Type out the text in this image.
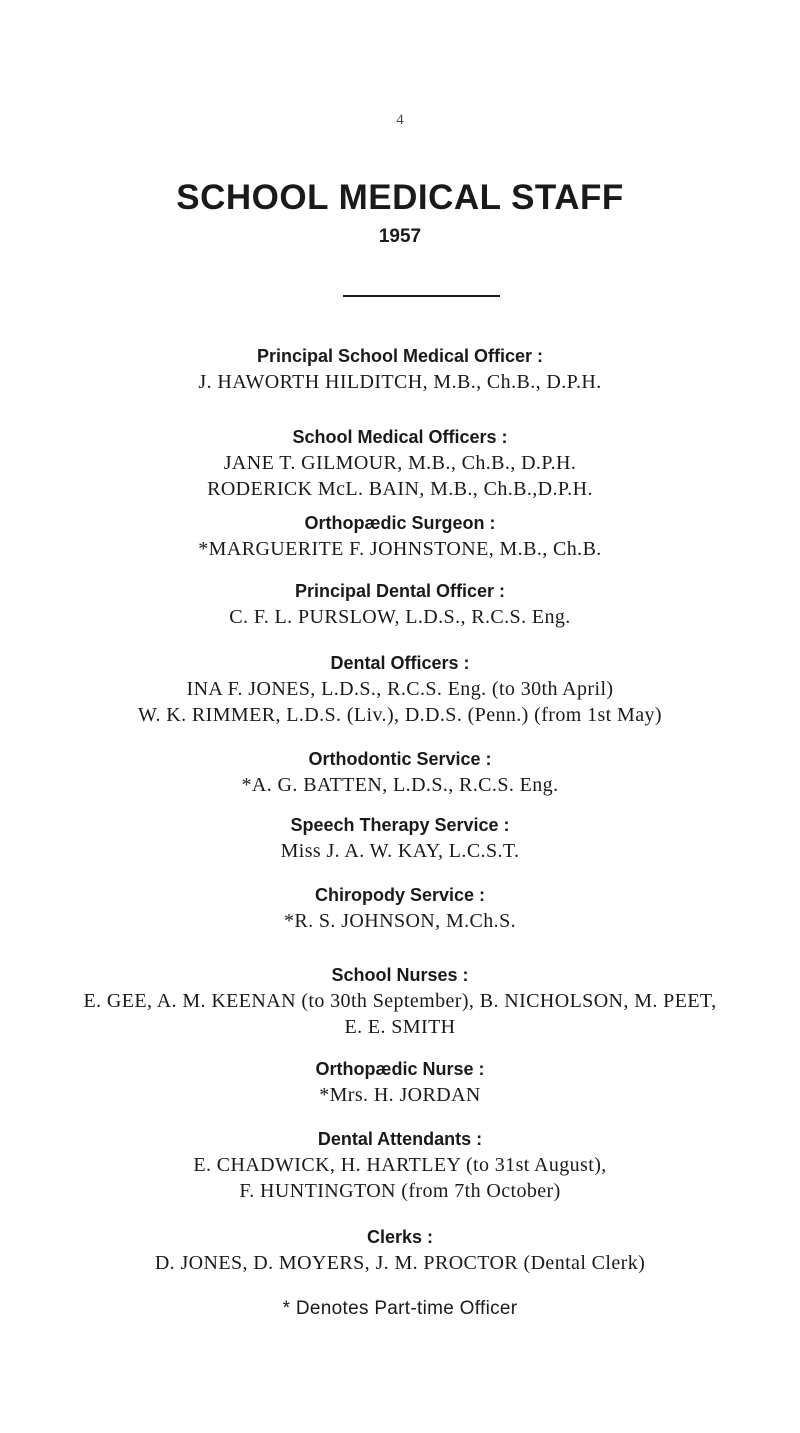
4
SCHOOL MEDICAL STAFF
1957
Principal School Medical Officer :
J. HAWORTH HILDITCH, M.B., Ch.B., D.P.H.
School Medical Officers :
JANE T. GILMOUR, M.B., Ch.B., D.P.H.
RODERICK McL. BAIN, M.B., Ch.B.,D.P.H.
Orthopædic Surgeon :
*MARGUERITE F. JOHNSTONE, M.B., Ch.B.
Principal Dental Officer :
C. F. L. PURSLOW, L.D.S., R.C.S. Eng.
Dental Officers :
INA F. JONES, L.D.S., R.C.S. Eng. (to 30th April)
W. K. RIMMER, L.D.S. (Liv.), D.D.S. (Penn.) (from 1st May)
Orthodontic Service :
*A. G. BATTEN, L.D.S., R.C.S. Eng.
Speech Therapy Service :
Miss J. A. W. KAY, L.C.S.T.
Chiropody Service :
*R. S. JOHNSON, M.Ch.S.
School Nurses :
E. GEE, A. M. KEENAN (to 30th September), B. NICHOLSON, M. PEET,
E. E. SMITH
Orthopædic Nurse :
*Mrs. H. JORDAN
Dental Attendants :
E. CHADWICK, H. HARTLEY (to 31st August),
F. HUNTINGTON (from 7th October)
Clerks :
D. JONES, D. MOYERS, J. M. PROCTOR (Dental Clerk)
* Denotes Part-time Officer
